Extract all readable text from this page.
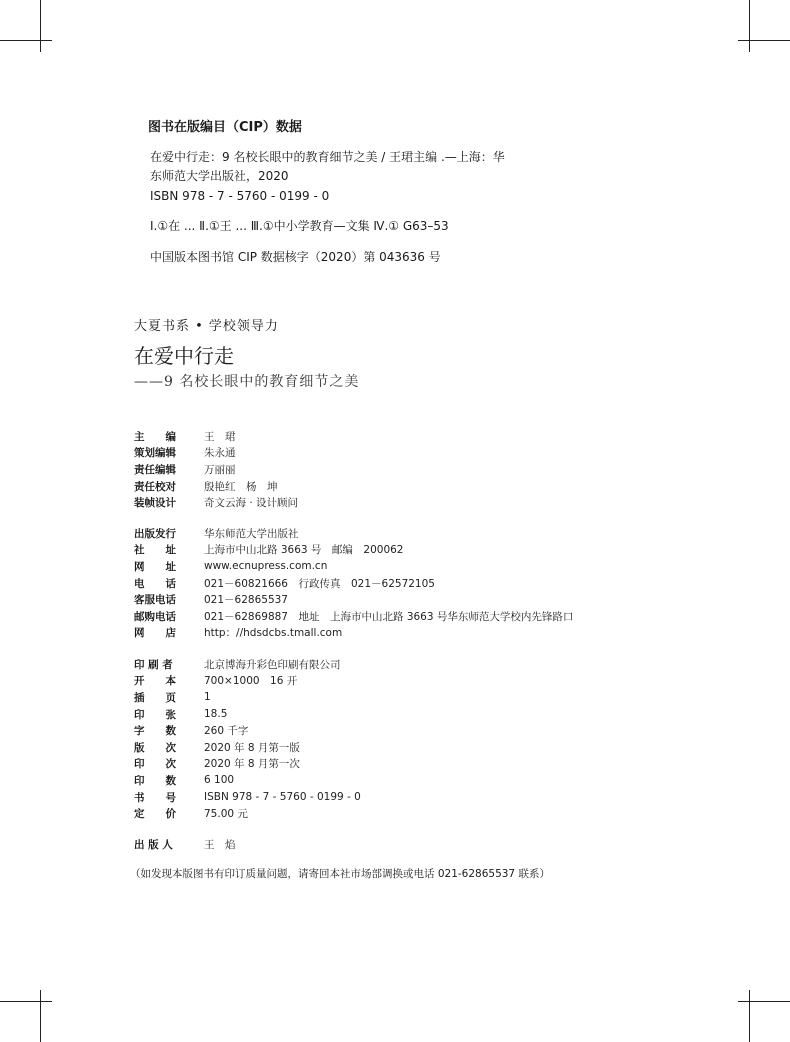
图书在版编目（CIP）数据
在爱中行走：9 名校长眼中的教育细节之美 / 王珺主编 .—上海：华
东师范大学出版社，2020
ISBN 978 - 7 - 5760 - 0199 - 0
Ⅰ.①在 ... Ⅱ.①王 ... Ⅲ.①中小学教育—文集 Ⅳ.① G63–53
中国版本图书馆 CIP 数据核字（2020）第 043636 号
大夏书系 • 学校领导力
在爱中行走
——9 名校长眼中的教育细节之美
主　　编	王　珺
策划编辑	朱永通
责任编辑	万丽丽
责任校对	殷艳红　杨　坤
装帧设计	奇文云海 · 设计顾问
出版发行	华东师范大学出版社
社　　址	上海市中山北路 3663 号　邮编　200062
网　　址	www.ecnupress.com.cn
电　　话	021－60821666　行政传真　021－62572105
客服电话	021－62865537
邮购电话	021－62869887　地址　上海市中山北路 3663 号华东师范大学校内先锋路口
网　　店	http：//hdsdcbs.tmall.com
印 刷 者	北京博海升彩色印刷有限公司
开　　本	700×1000　16 开
插　　页	1
印　　张	18.5
字　　数	260 千字
版　　次	2020 年 8 月第一版
印　　次	2020 年 8 月第一次
印　　数	6 100
书　　号	ISBN 978 - 7 - 5760 - 0199 - 0
定　　价	75.00 元
出 版 人	王　焰
（如发现本版图书有印订质量问题，请寄回本社市场部调换或电话 021-62865537 联系）
